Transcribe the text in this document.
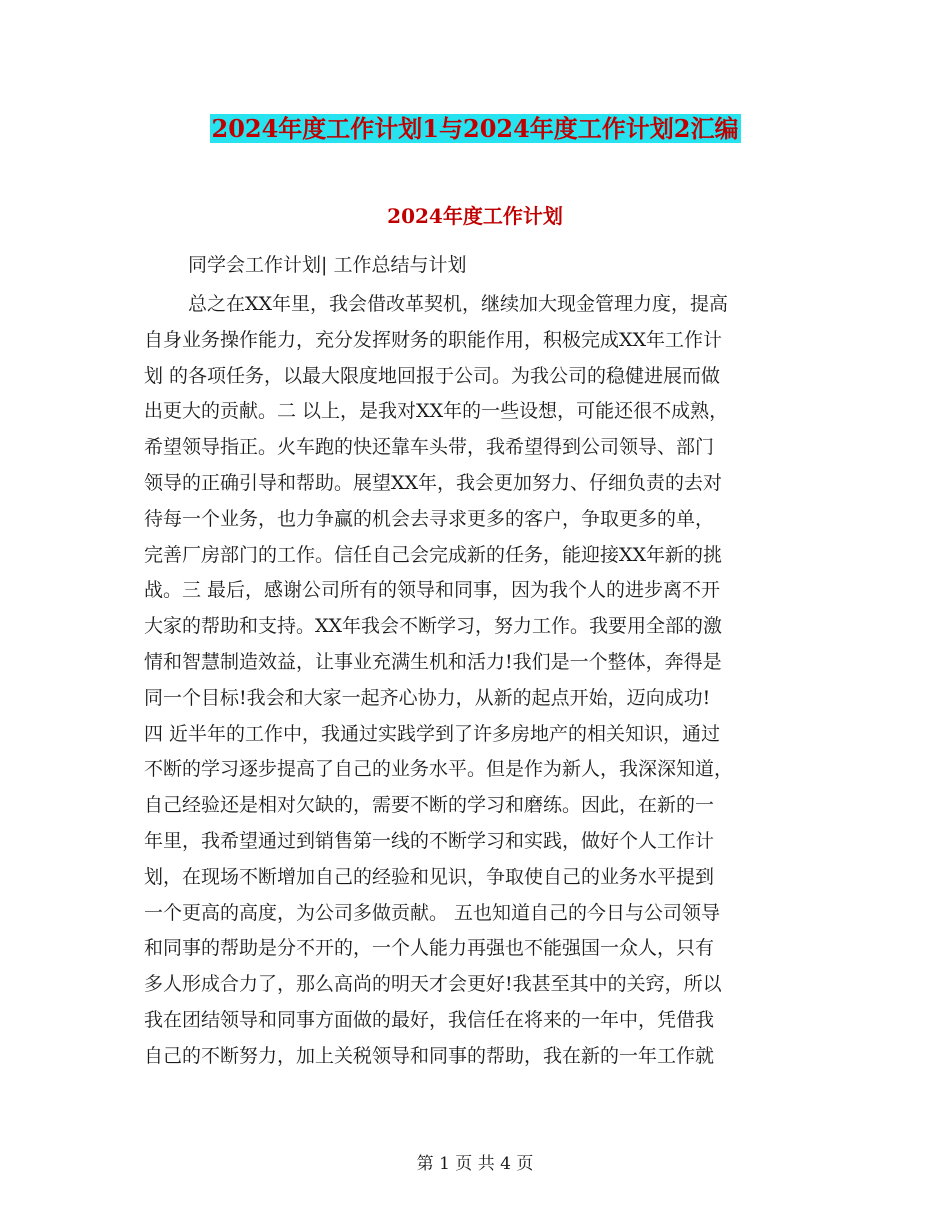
2024年度工作计划1与2024年度工作计划2汇编
2024年度工作计划
同学会工作计划| 工作总结与计划
总之在XX年里，我会借改革契机，继续加大现金管理力度，提高
自身业务操作能力，充分发挥财务的职能作用，积极完成XX年工作计
划 的各项任务，以最大限度地回报于公司。为我公司的稳健进展而做
出更大的贡献。二 以上，是我对XX年的一些设想，可能还很不成熟，
希望领导指正。火车跑的快还靠车头带，我希望得到公司领导、部门
领导的正确引导和帮助。展望XX年，我会更加努力、仔细负责的去对
待每一个业务，也力争赢的机会去寻求更多的客户，争取更多的单，
完善厂房部门的工作。信任自己会完成新的任务，能迎接XX年新的挑
战。三 最后，感谢公司所有的领导和同事，因为我个人的进步离不开
大家的帮助和支持。XX年我会不断学习，努力工作。我要用全部的激
情和智慧制造效益，让事业充满生机和活力!我们是一个整体，奔得是
同一个目标!我会和大家一起齐心协力，从新的起点开始，迈向成功!
四 近半年的工作中，我通过实践学到了许多房地产的相关知识，通过
不断的学习逐步提高了自己的业务水平。但是作为新人，我深深知道，
自己经验还是相对欠缺的，需要不断的学习和磨练。因此，在新的一
年里，我希望通过到销售第一线的不断学习和实践，做好个人工作计
划，在现场不断增加自己的经验和见识，争取使自己的业务水平提到
一个更高的高度，为公司多做贡献。 五也知道自己的今日与公司领导
和同事的帮助是分不开的，一个人能力再强也不能强国一众人，只有
多人形成合力了，那么高尚的明天才会更好!我甚至其中的关窍，所以
我在团结领导和同事方面做的最好，我信任在将来的一年中，凭借我
自己的不断努力，加上关税领导和同事的帮助，我在新的一年工作就
第 1 页 共 4 页
